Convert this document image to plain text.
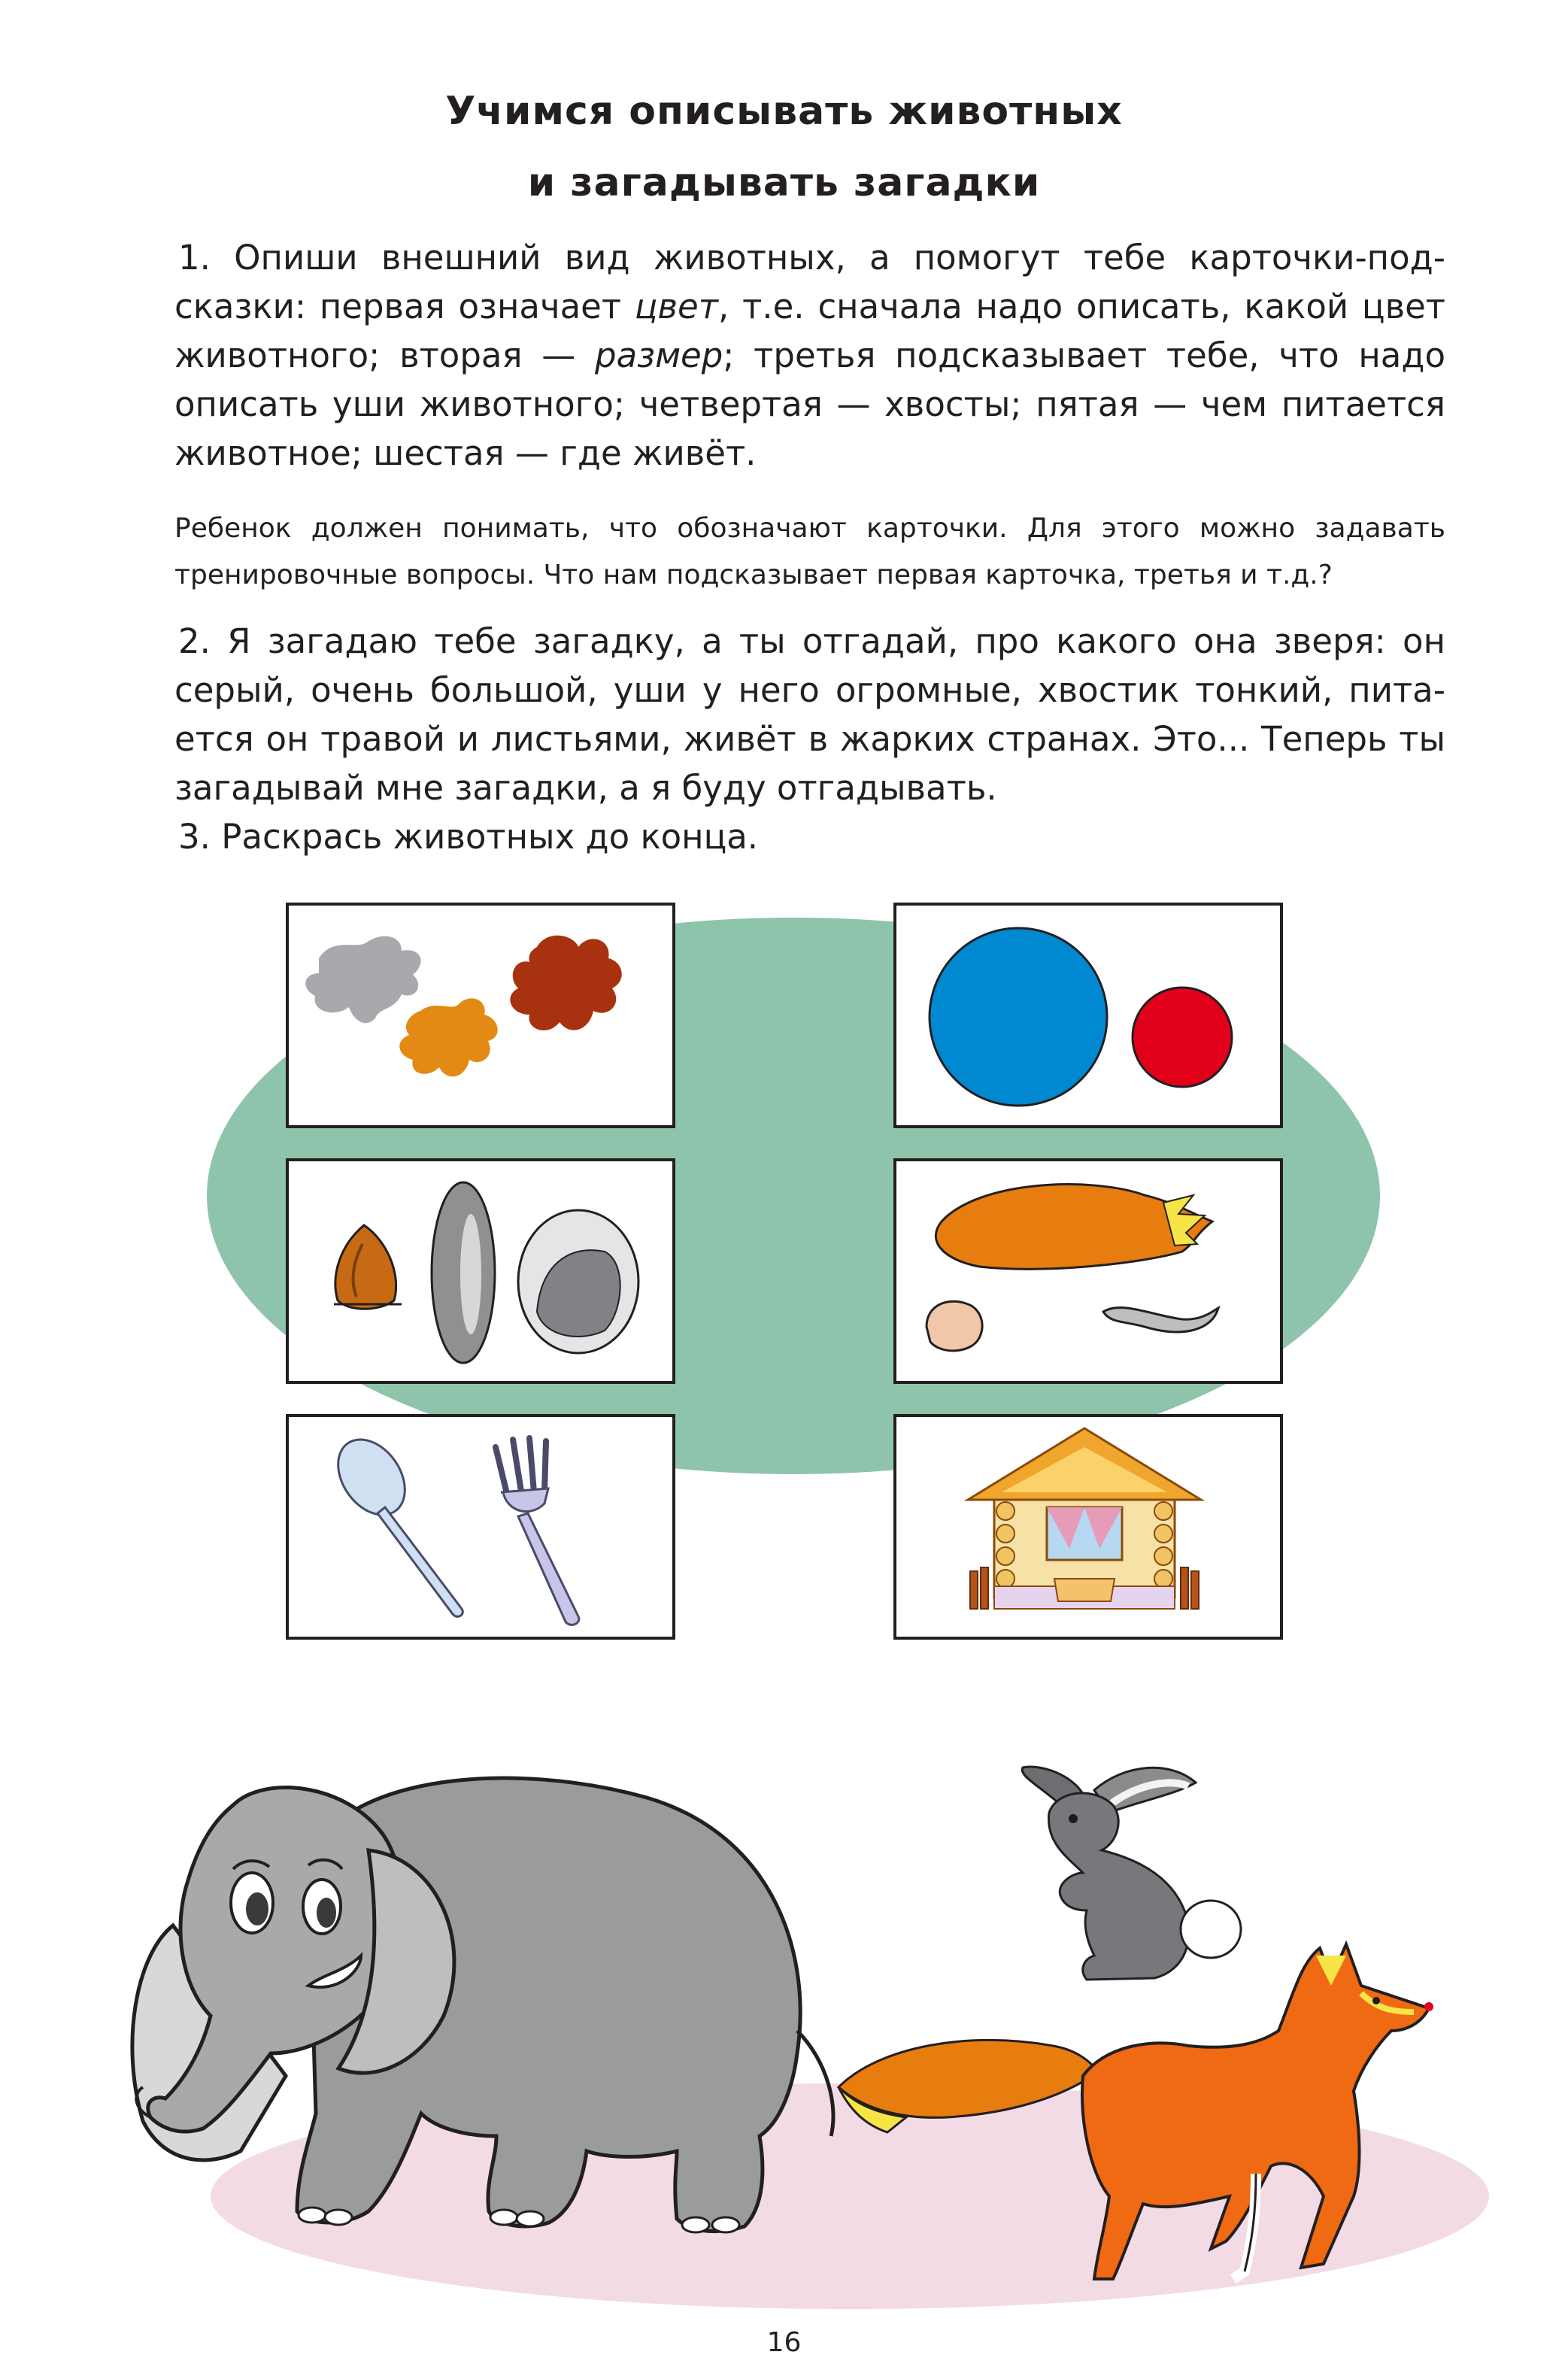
Учимся описывать животных
и загадывать загадки

1. Опиши внешний вид животных, а помогут тебе карточки-под-сказки: первая означает цвет, т.е. сначала надо описать, какой цвет животного; вторая — размер; третья подсказывает тебе, что надо описать уши животного; четвертая — хвосты; пятая — чем питается животное; шестая — где живёт.

Ребенок должен понимать, что обозначают карточки. Для этого можно задавать тренировочные вопросы. Что нам подсказывает первая карточка, третья и т.д.?

2. Я загадаю тебе загадку, а ты отгадай, про какого она зверя: он серый, очень большой, уши у него огромные, хвостик тонкий, пита-ется он травой и листьями, живёт в жарких странах. Это... Теперь ты загадывай мне загадки, а я буду отгадывать.

3. Раскрась животных до конца.

16
